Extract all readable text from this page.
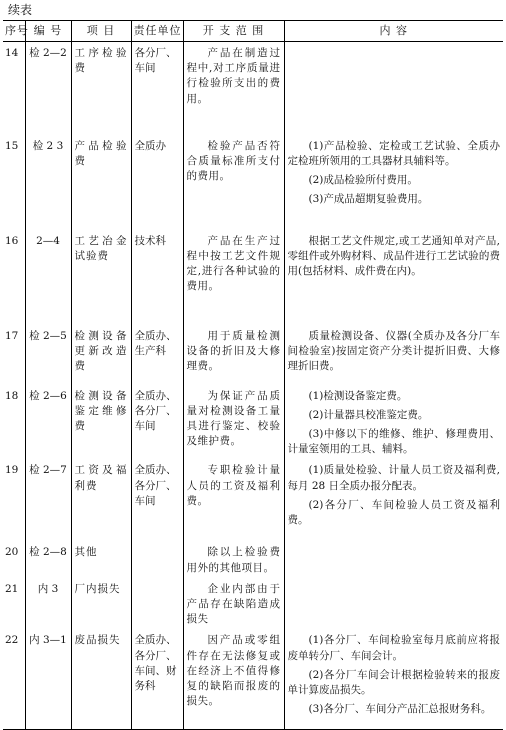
续表
序号	编 号	项 目	责任单位	开 支 范 围	内 容
14	检 2—2	工序检验费	各分厂、车间	产品在制造过程中,对工序质量进行检验所支出的费用。	
15	检 2 3	产品检验费	全质办	检验产品否符合质量标准所支付的费用。	(1)产品检验、定检或工艺试验、全质办定检班所领用的工具器材具辅料等。

(2)成品检验所付费用。

(3)产成品超期复验费用。

16	2—4	工艺冶金试验费	技术科	产品在生产过程中按工艺文件规定,进行各种试验的费用。	根据工艺文件规定,或工艺通知单对产品,零组件或外购材料、成品件进行工艺试验的费用(包括材料、成件费在内)。

17	检 2—5	检测设备更新改造费	全质办、生产科	用于质量检测设备的折旧及大修理费。	质量检测设备、仪器(全质办及各分厂车间检验室)按固定资产分类计提折旧费、大修理折旧费。

18	检 2—6	检测设备鉴定维修费	全质办、各分厂、车间	为保证产品质量对检测设备工量具进行鉴定、校验及维护费。	(1)检测设备鉴定费。

(2)计量器具校准鉴定费。

(3)中修以下的维修、维护、修理费用、计量室领用的工具、辅料。

19	检 2—7	工资及福利费	全质办、各分厂、车间	专职检验计量人员的工资及福利费。	(1)质量处检验、计量人员工资及福利费,每月 28 日全质办报分配表。

(2)各分厂、车间检验人员工资及福利费。

20	检 2—8	其他		除以上检验费用外的其他项目。	
21	内 3	厂内损失		企业内部由于产品存在缺陷造成损失	
22	内 3—1	废品损失	全质办、各分厂、车间、财务科	因产品或零组件存在无法修复或在经济上不值得修复的缺陷而报废的损失。	(1)各分厂、车间检验室每月底前应将报废单转分厂、车间会计。

(2)各分厂车间会计根据检验转来的报废单计算废品损失。

(3)各分厂、车间分产品汇总报财务科。
